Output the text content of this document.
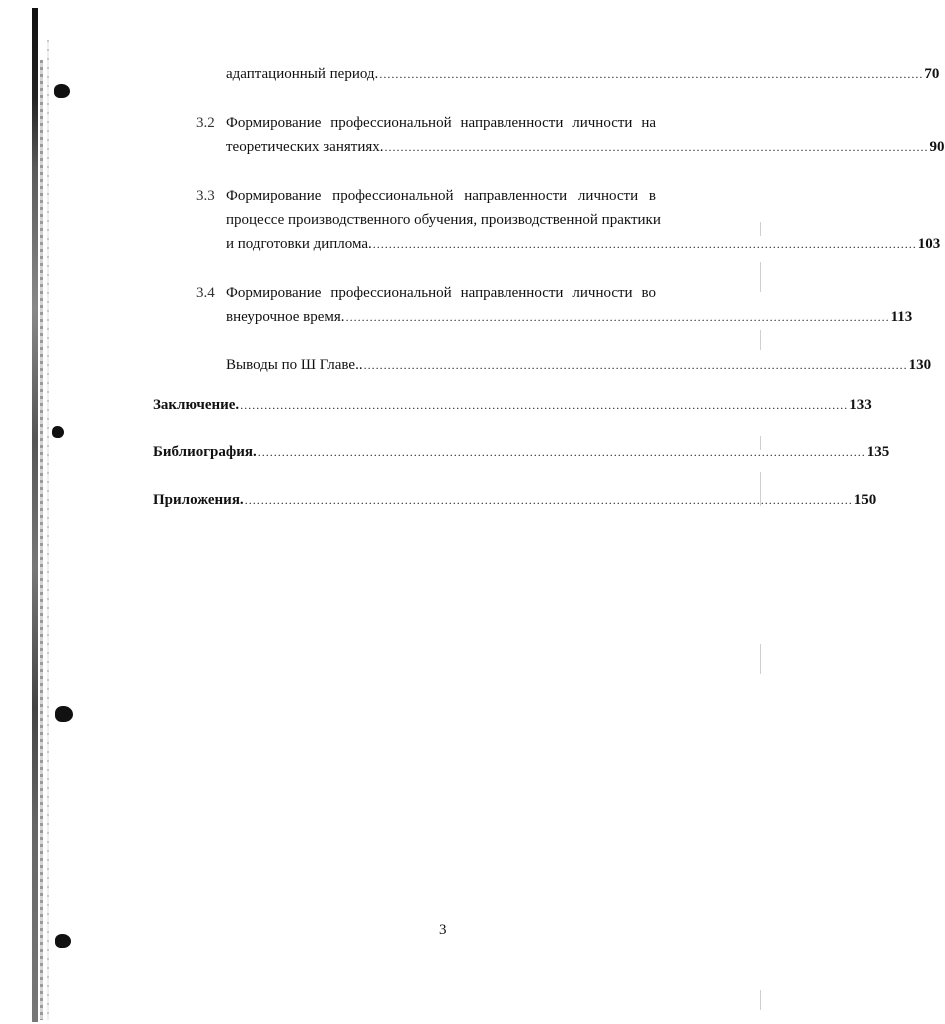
адаптационный период. ........................................................................................................................................ 70
3.2 Формирование профессиональной направленности личности на
теоретических занятиях. ........................................................................................................................................ 90
3.3 Формирование профессиональной направленности личности в
процессе производственного обучения, производственной практики
и подготовки диплома. ........................................................................................................................................ 103
3.4 Формирование профессиональной направленности личности во
внеурочное время. ........................................................................................................................................ 113
Выводы по Ш Главе.. ........................................................................................................................................ 130
Заключение. ........................................................................................................................................................ 133
Библиография. ........................................................................................................................................................ 135
Приложения. ........................................................................................................................................................ 150
3
